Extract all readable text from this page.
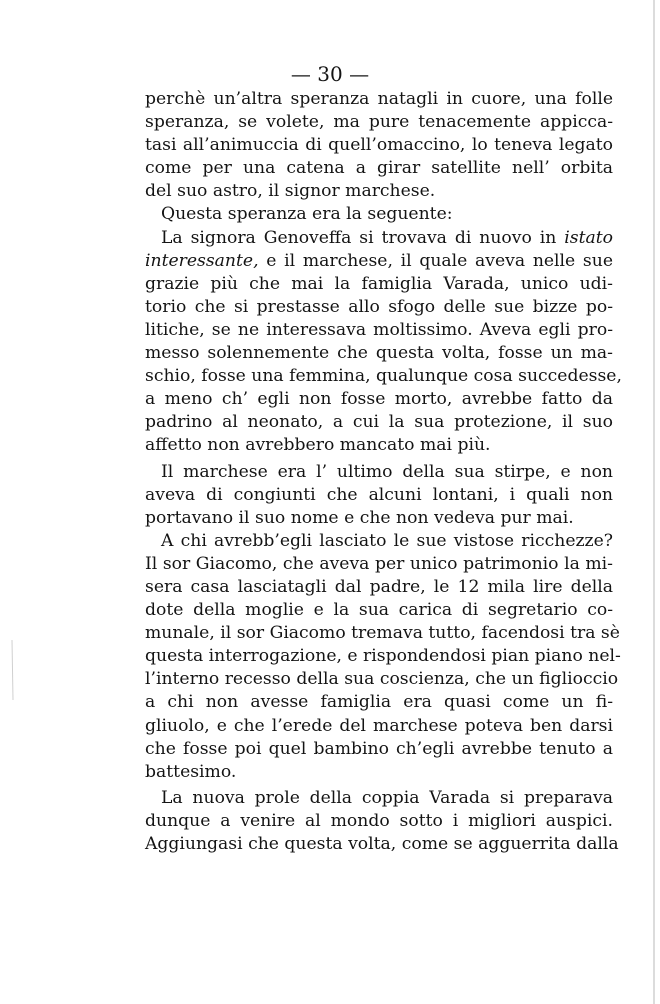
— 30 —
perchè un’altra speranza natagli in cuore, una folle
speranza, se volete, ma pure tenacemente appicca-
tasi all’animuccia di quell’omaccino, lo teneva legato
come per una catena a girar satellite nell’ orbita
del suo astro, il signor marchese.
Questa speranza era la seguente:
La signora Genoveffa si trovava di nuovo in istato
interessante, e il marchese, il quale aveva nelle sue
grazie più che mai la famiglia Varada, unico udi-
torio che si prestasse allo sfogo delle sue bizze po-
litiche, se ne interessava moltissimo. Aveva egli pro-
messo solennemente che questa volta, fosse un ma-
schio, fosse una femmina, qualunque cosa succedesse,
a meno ch’ egli non fosse morto, avrebbe fatto da
padrino al neonato, a cui la sua protezione, il suo
affetto non avrebbero mancato mai più.
Il marchese era l’ ultimo della sua stirpe, e non
aveva di congiunti che alcuni lontani, i quali non
portavano il suo nome e che non vedeva pur mai.
A chi avrebb’egli lasciato le sue vistose ricchezze?
Il sor Giacomo, che aveva per unico patrimonio la mi-
sera casa lasciatagli dal padre, le 12 mila lire della
dote della moglie e la sua carica di segretario co-
munale, il sor Giacomo tremava tutto, facendosi tra sè
questa interrogazione, e rispondendosi pian piano nel-
l’interno recesso della sua coscienza, che un figlioccio
a chi non avesse famiglia era quasi come un fi-
gliuolo, e che l’erede del marchese poteva ben darsi
che fosse poi quel bambino ch’egli avrebbe tenuto a
battesimo.
La nuova prole della coppia Varada si preparava
dunque a venire al mondo sotto i migliori auspici.
Aggiungasi che questa volta, come se agguerrita dalla
